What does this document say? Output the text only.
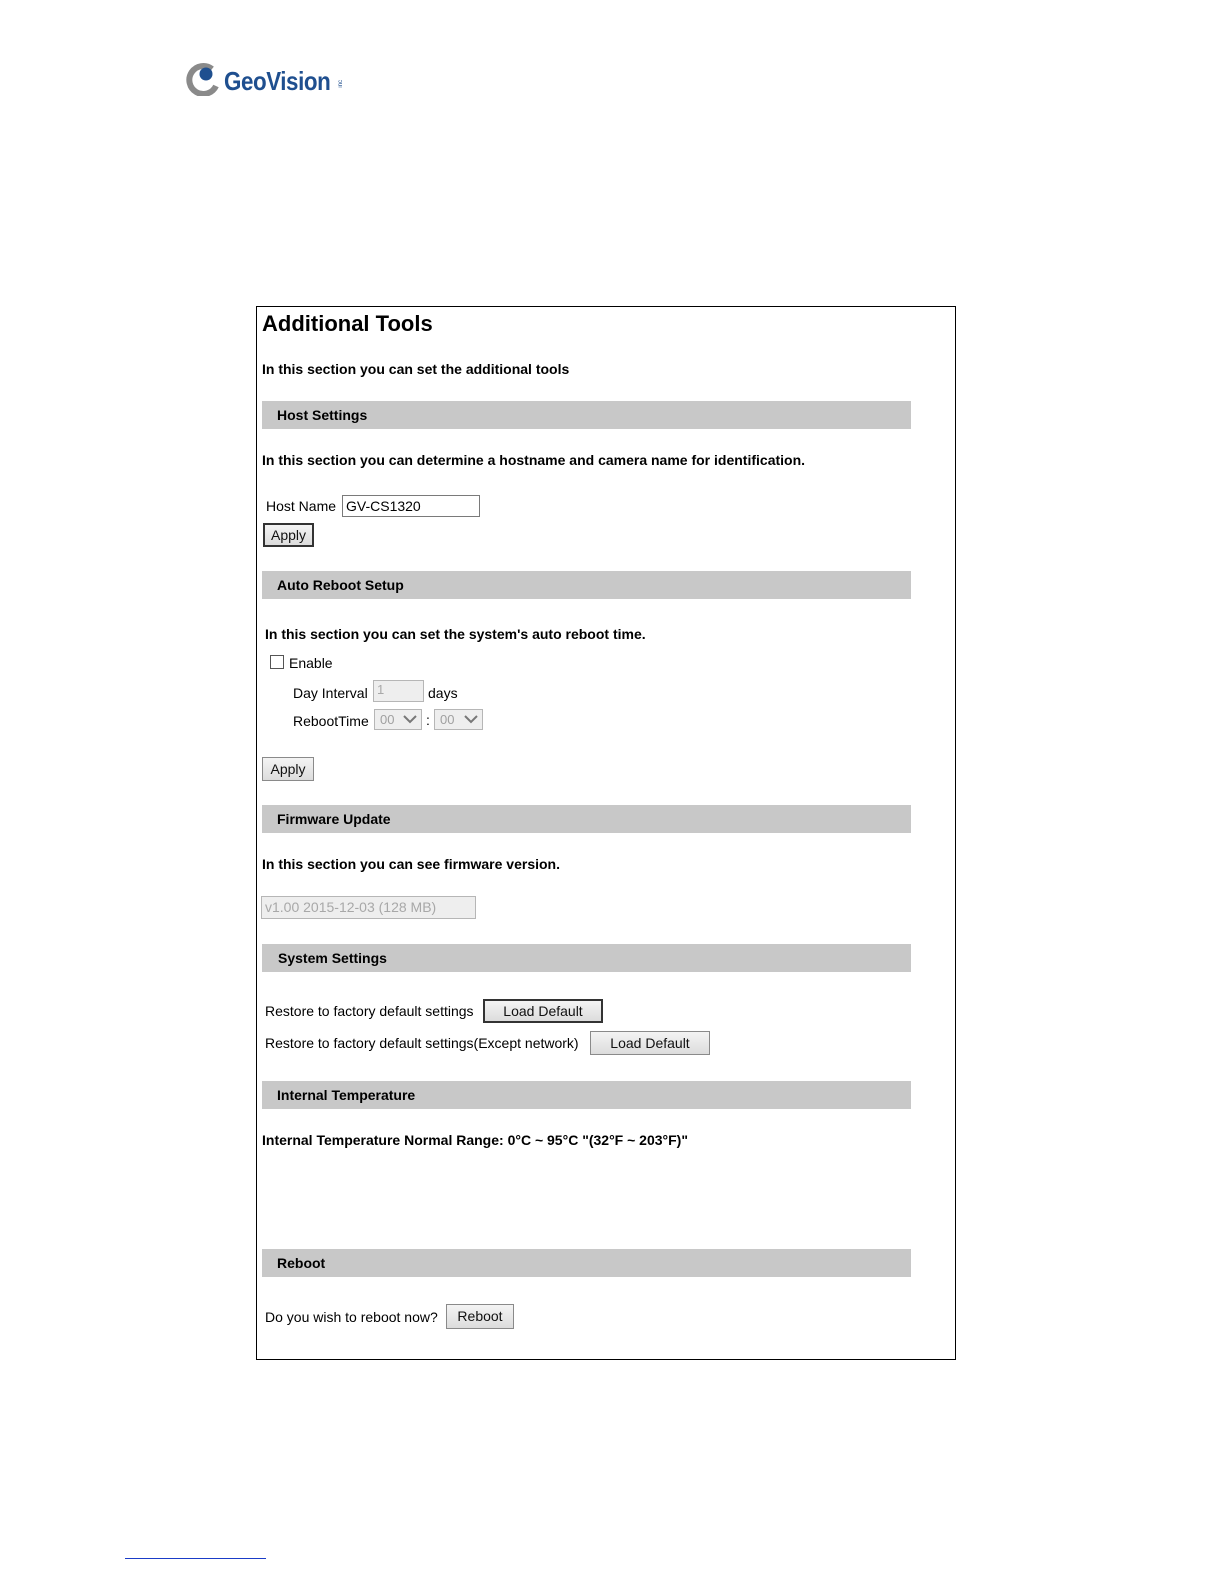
GeoVision inc
Additional Tools
In this section you can set the additional tools
Host Settings
In this section you can determine a hostname and camera name for identification.
Host Name GV-CS1320
Apply
Auto Reboot Setup
In this section you can set the system's auto reboot time.
Enable
Day Interval 1	days
RebootTime 00 : 00
Apply
Firmware Update
In this section you can see firmware version.
v1.00 2015-12-03 (128 MB)
System Settings
Restore to factory default settings	Load Default
Restore to factory default settings(Except network)	Load Default
Internal Temperature
Internal Temperature Normal Range: 0°C ~ 95°C "(32°F ~ 203°F)"
Reboot
Do you wish to reboot now?	Reboot
